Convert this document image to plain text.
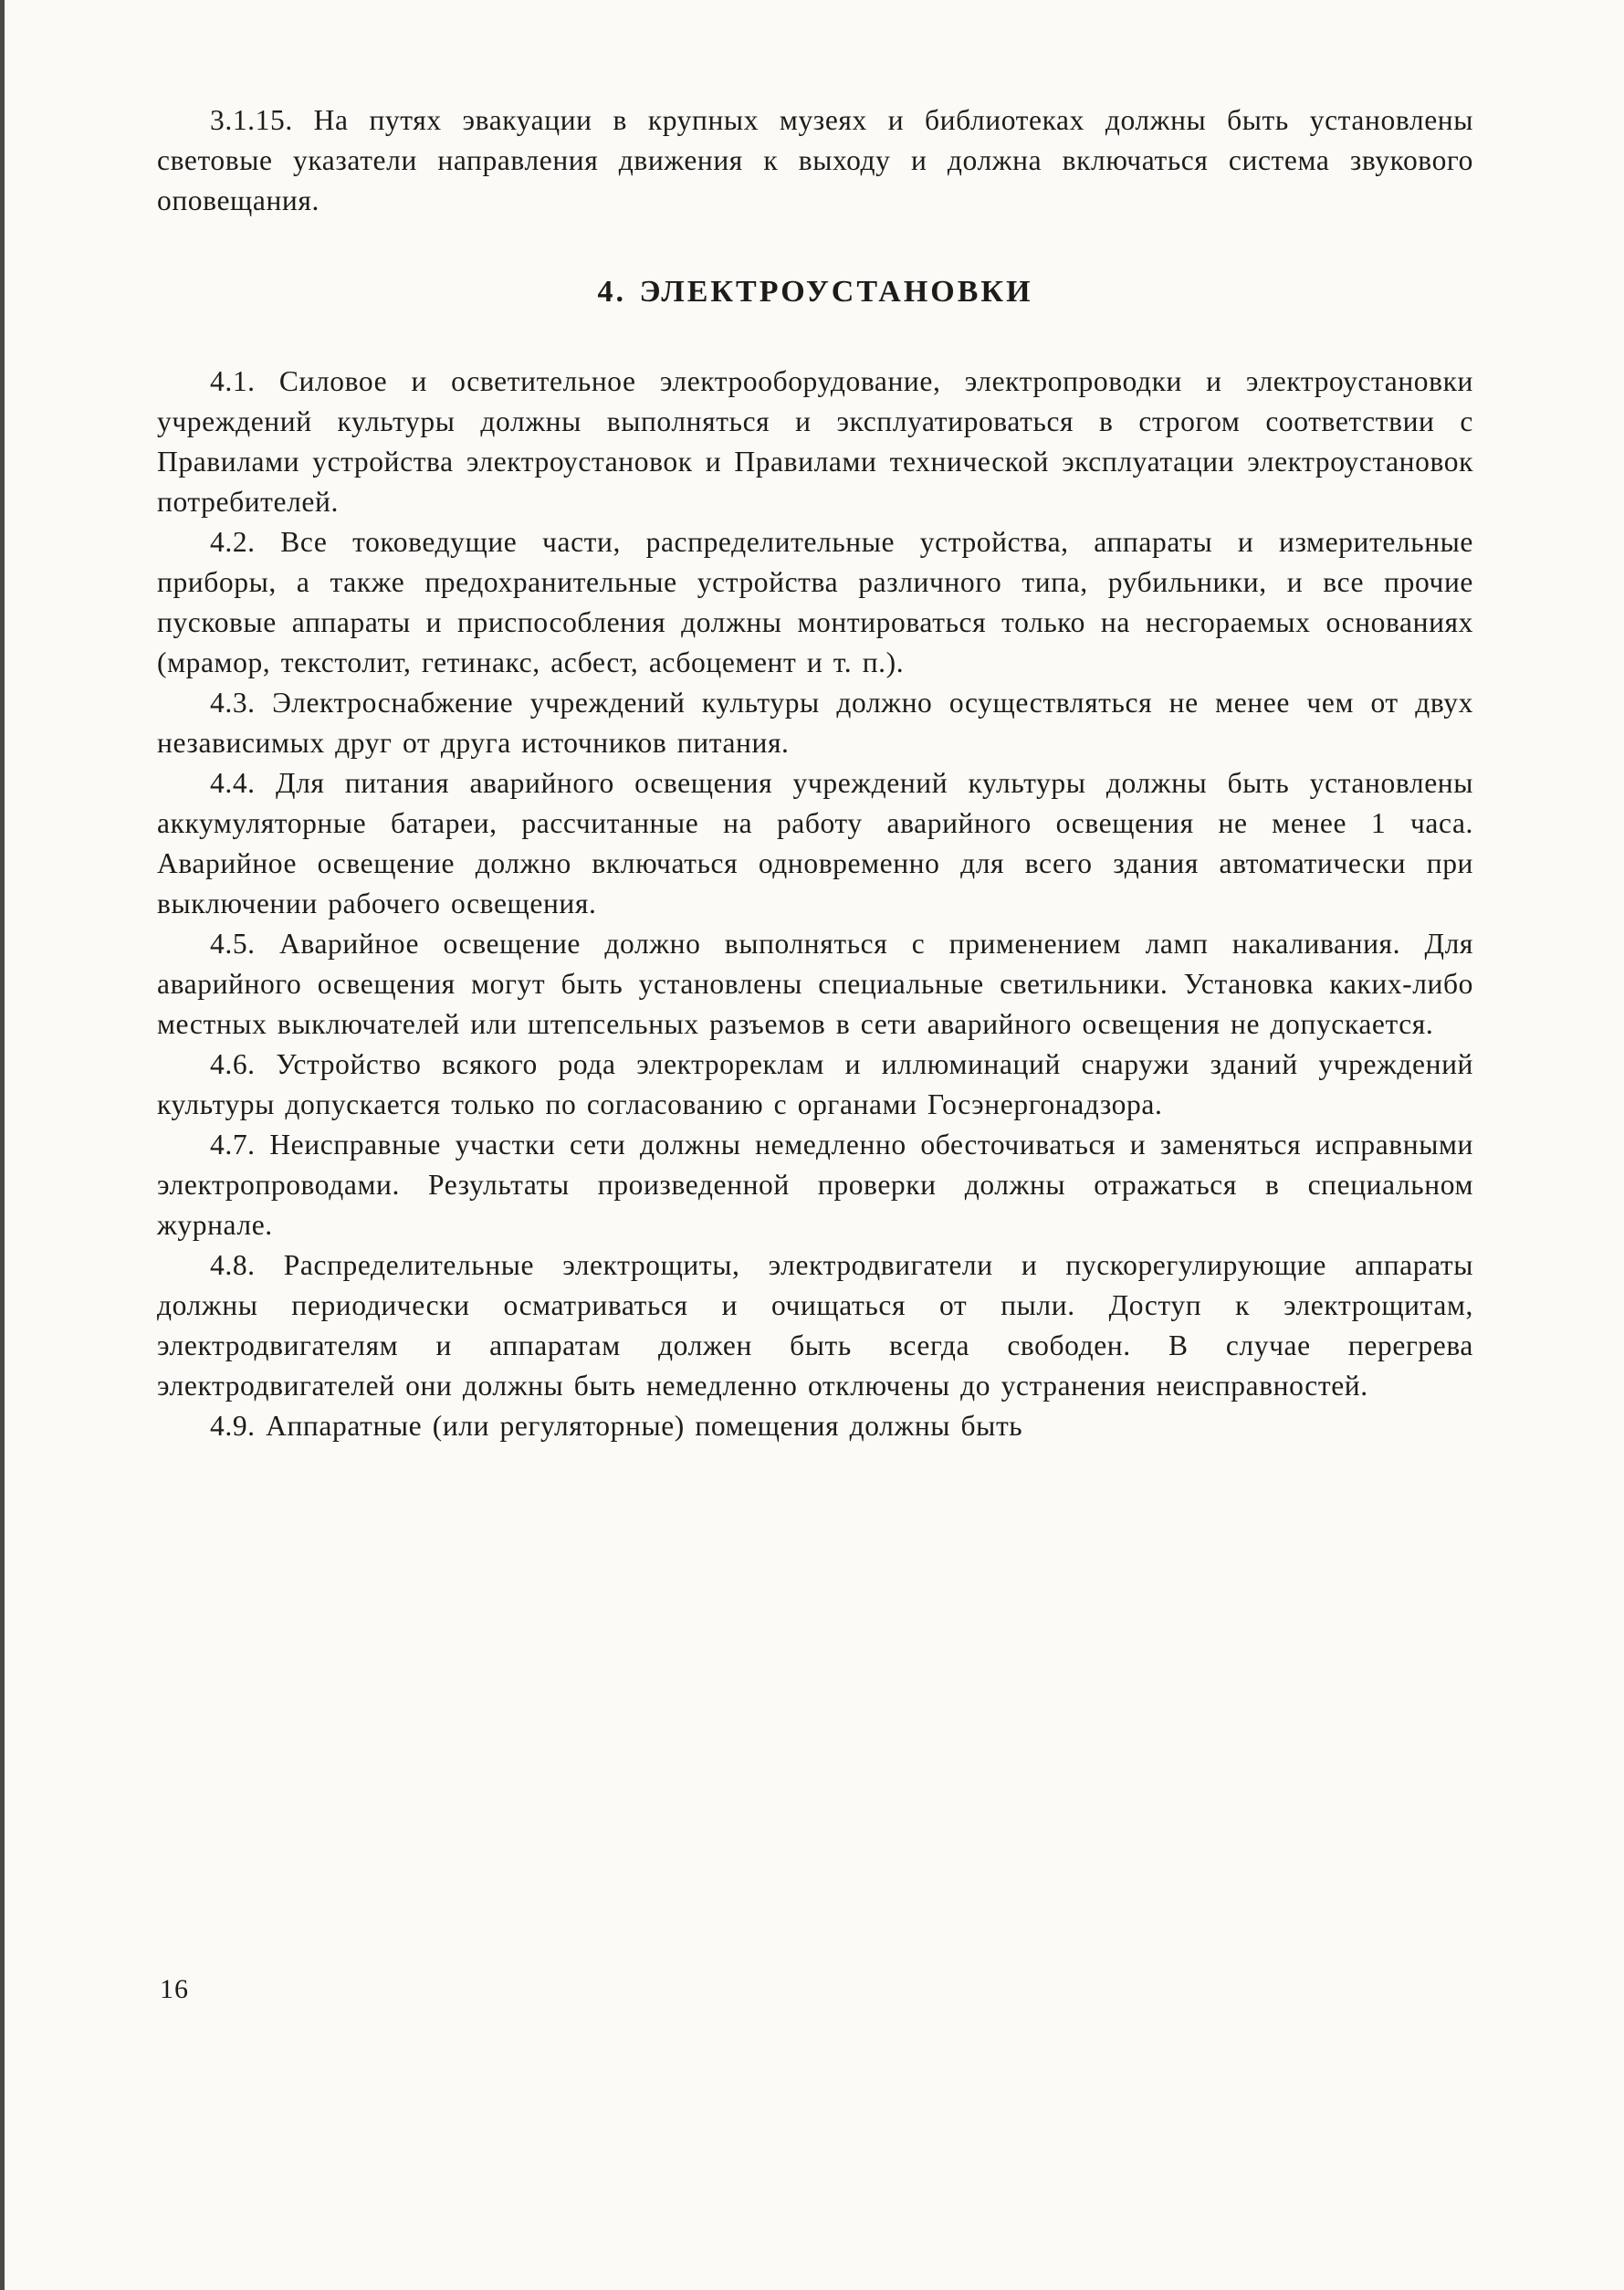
3.1.15. На путях эвакуации в крупных музеях и библиотеках должны быть установлены световые указатели направления движения к выходу и должна включаться система звукового оповещания.

4. ЭЛЕКТРОУСТАНОВКИ

4.1. Силовое и осветительное электрооборудование, электропроводки и электроустановки учреждений культуры должны выполняться и эксплуатироваться в строгом соответствии с Правилами устройства электроустановок и Правилами технической эксплуатации электроустановок потребителей.

4.2. Все токоведущие части, распределительные устройства, аппараты и измерительные приборы, а также предохранительные устройства различного типа, рубильники, и все прочие пусковые аппараты и приспособления должны монтироваться только на несгораемых основаниях (мрамор, текстолит, гетинакс, асбест, асбоцемент и т. п.).

4.3. Электроснабжение учреждений культуры должно осуществляться не менее чем от двух независимых друг от друга источников питания.

4.4. Для питания аварийного освещения учреждений культуры должны быть установлены аккумуляторные батареи, рассчитанные на работу аварийного освещения не менее 1 часа. Аварийное освещение должно включаться одновременно для всего здания автоматически при выключении рабочего освещения.

4.5. Аварийное освещение должно выполняться с применением ламп накаливания. Для аварийного освещения могут быть установлены специальные светильники. Установка каких-либо местных выключателей или штепсельных разъемов в сети аварийного освещения не допускается.

4.6. Устройство всякого рода электрореклам и иллюминаций снаружи зданий учреждений культуры допускается только по согласованию с органами Госэнергонадзора.

4.7. Неисправные участки сети должны немедленно обесточиваться и заменяться исправными электропроводами. Результаты произведенной проверки должны отражаться в специальном журнале.

4.8. Распределительные электрощиты, электродвигатели и пускорегулирующие аппараты должны периодически осматриваться и очищаться от пыли. Доступ к электрощитам, электродвигателям и аппаратам должен быть всегда свободен. В случае перегрева электродвигателей они должны быть немедленно отключены до устранения неисправностей.

4.9. Аппаратные (или регуляторные) помещения должны быть

16
